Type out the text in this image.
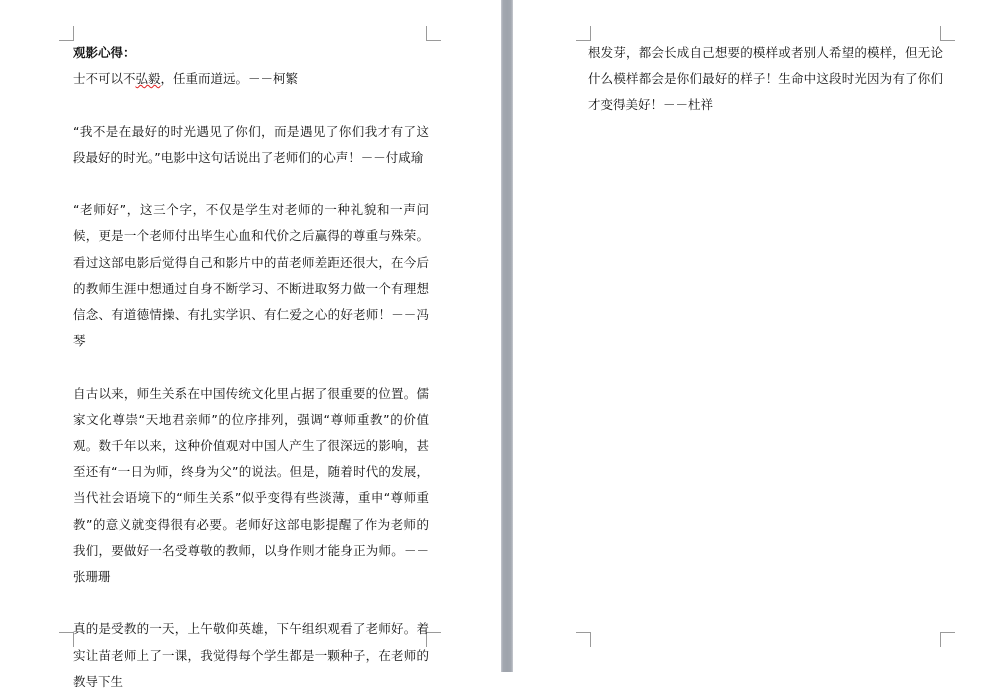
观影心得：

士不可以不弘毅，任重而道远。－－柯繁

“我不是在最好的时光遇见了你们，而是遇见了你们我才有了这段最好的时光。”电影中这句话说出了老师们的心声！－－付咸瑜

“老师好”，这三个字，不仅是学生对老师的一种礼貌和一声问候，更是一个老师付出毕生心血和代价之后赢得的尊重与殊荣。看过这部电影后觉得自己和影片中的苗老师差距还很大，在今后的教师生涯中想通过自身不断学习、不断进取努力做一个有理想信念、有道德情操、有扎实学识、有仁爱之心的好老师！－－冯琴

自古以来，师生关系在中国传统文化里占据了很重要的位置。儒家文化尊崇“天地君亲师”的位序排列，强调“尊师重教”的价值观。数千年以来，这种价值观对中国人产生了很深远的影响，甚至还有“一日为师，终身为父”的说法。但是，随着时代的发展，当代社会语境下的“师生关系”似乎变得有些淡薄，重申“尊师重教”的意义就变得很有必要。老师好这部电影提醒了作为老师的我们，要做好一名受尊敬的教师，以身作则才能身正为师。－－张珊珊

真的是受教的一天，上午敬仰英雄，下午组织观看了老师好。着实让苗老师上了一课，我觉得每个学生都是一颗种子，在老师的教导下生

根发芽，都会长成自己想要的模样或者别人希望的模样，但无论什么模样都会是你们最好的样子！生命中这段时光因为有了你们才变得美好！－－杜祥
